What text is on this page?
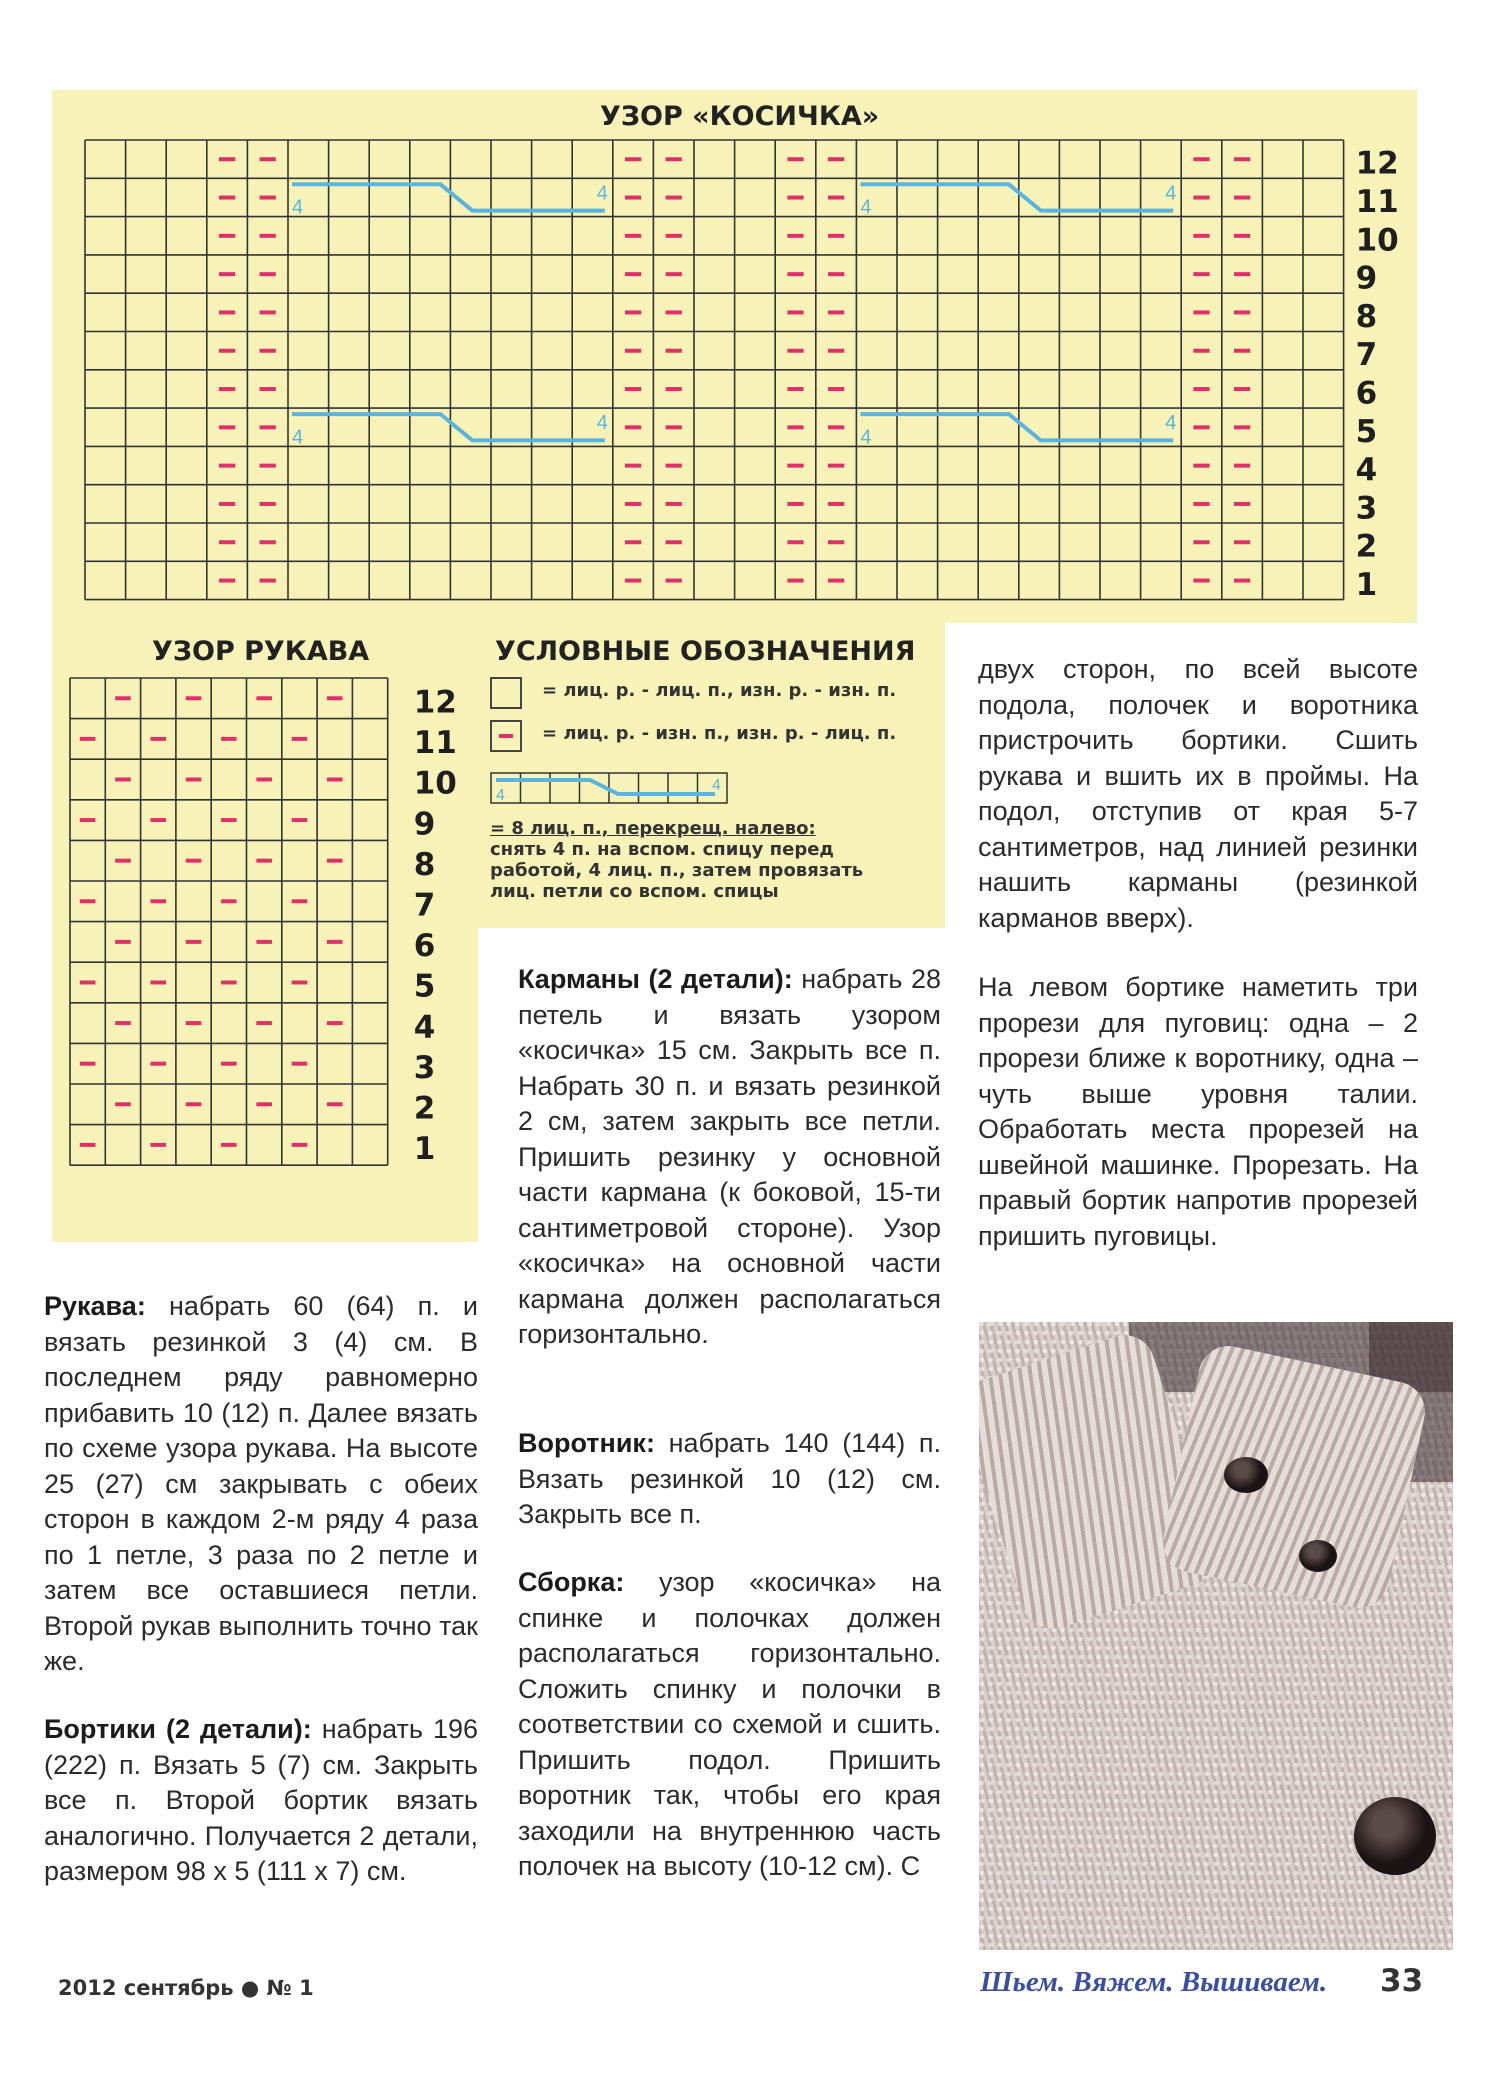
УЗОР «КОСИЧКА»
12
11
10
9
8
7
6
5
4
3
2
1
4
4
4
4
4
4
4
4
УЗОР РУКАВА
12
11
10
9
8
7
6
5
4
3
2
1
УСЛОВНЫЕ ОБОЗНАЧЕНИЯ
= лиц. р. - лиц. п., изн. р. - изн. п.
= лиц. р. - изн. п., изн. р. - лиц. п.
4
4
= 8 лиц. п., перекрещ. налево:
снять 4 п. на вспом. спицу перед
работой, 4 лиц. п., затем провязать
лиц. петли со вспом. спицы

двух сторон, по всей высоте подола, полочек и воротника пристрочить бортики. Сшить рукава и вшить их в проймы. На подол, отступив от края 5-7 сантиметров, над линией резинки нашить карманы (резинкой карманов вверх).

На левом бортике наметить три прорези для пуговиц: одна – 2 прорези ближе к воротнику, одна – чуть выше уровня талии. Обработать места прорезей на швейной машинке. Прорезать. На правый бортик напротив прорезей пришить пуговицы.

Карманы (2 детали): набрать 28 петель и вязать узором «косичка» 15 см. Закрыть все п. Набрать 30 п. и вязать резинкой 2 см, затем закрыть все петли. Пришить резинку у основной части кармана (к боковой, 15-ти сантиметровой стороне). Узор «косичка» на основной части кармана должен располагаться горизонтально.

Воротник: набрать 140 (144) п. Вязать резинкой 10 (12) см. Закрыть все п.

Сборка: узор «косичка» на спинке и полочках должен располагаться горизонтально. Сложить спинку и полочки в соответствии со схемой и сшить. Пришить подол. Пришить воротник так, чтобы его края заходили на внутреннюю часть полочек на высоту (10-12 см). С

Рукава: набрать 60 (64) п. и вязать резинкой 3 (4) см. В последнем ряду равномерно прибавить 10 (12) п. Далее вязать по схеме узора рукава. На высоте 25 (27) см закрывать с обеих сторон в каждом 2-м ряду 4 раза по 1 петле, 3 раза по 2 петле и затем все оставшиеся петли. Второй рукав выполнить точно так же.

Бортики (2 детали): набрать 196 (222) п. Вязать 5 (7) см. Закрыть все п. Второй бортик вязать аналогично. Получается 2 детали, размером 98 х 5 (111 х 7) см.

2012 сентябрь ● № 1	Шьем. Вяжем. Вышиваем. 33
